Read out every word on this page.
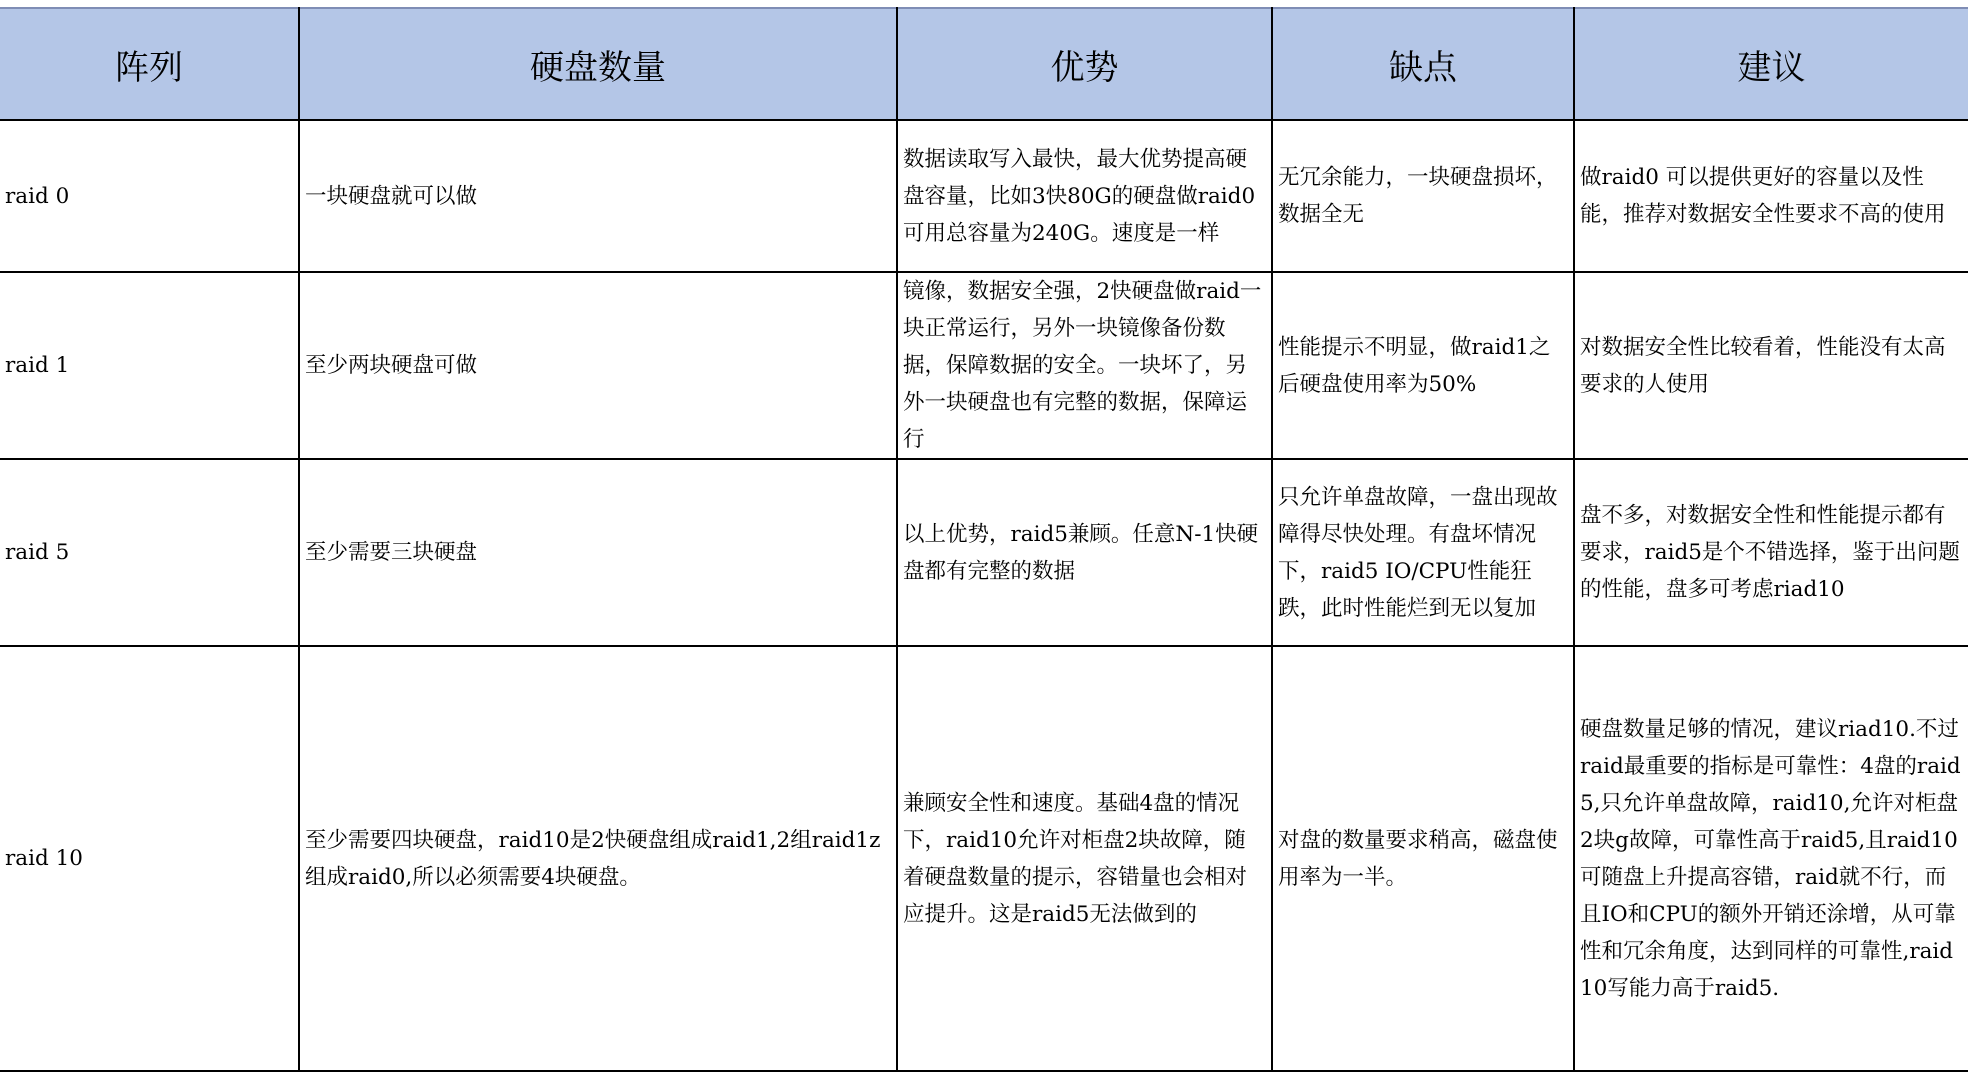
阵列	硬盘数量	优势	缺点	建议
raid 0	一块硬盘就可以做	数据读取写入最快，最大优势提高硬盘容量，比如3快80G的硬盘做raid0 可用总容量为240G。速度是一样	无冗余能力，一块硬盘损坏，数据全无	做raid0 可以提供更好的容量以及性能，推荐对数据安全性要求不高的使用
raid 1	至少两块硬盘可做	镜像，数据安全强，2快硬盘做raid一块正常运行，另外一块镜像备份数据，保障数据的安全。一块坏了，另外一块硬盘也有完整的数据，保障运行	性能提示不明显，做raid1之后硬盘使用率为50%	对数据安全性比较看着，性能没有太高要求的人使用
raid 5	至少需要三块硬盘	以上优势，raid5兼顾。任意N-1快硬盘都有完整的数据	只允许单盘故障，一盘出现故障得尽快处理。有盘坏情况下，raid5 IO/CPU性能狂跌，此时性能烂到无以复加	盘不多，对数据安全性和性能提示都有要求，raid5是个不错选择，鉴于出问题的性能，盘多可考虑riad10
raid 10	至少需要四块硬盘，raid10是2快硬盘组成raid1,2组raid1z组成raid0,所以必须需要4块硬盘。	兼顾安全性和速度。基础4盘的情况下，raid10允许对柜盘2块故障，随着硬盘数量的提示，容错量也会相对应提升。这是raid5无法做到的	对盘的数量要求稍高，磁盘使用率为一半。	硬盘数量足够的情况，建议riad10.不过raid最重要的指标是可靠性：4盘的raid5,只允许单盘故障，raid10,允许对柜盘2块g故障，可靠性高于raid5,且raid10 可随盘上升提高容错，raid就不行，而且IO和CPU的额外开销还涂增，从可靠性和冗余角度，达到同样的可靠性,raid10写能力高于raid5.
